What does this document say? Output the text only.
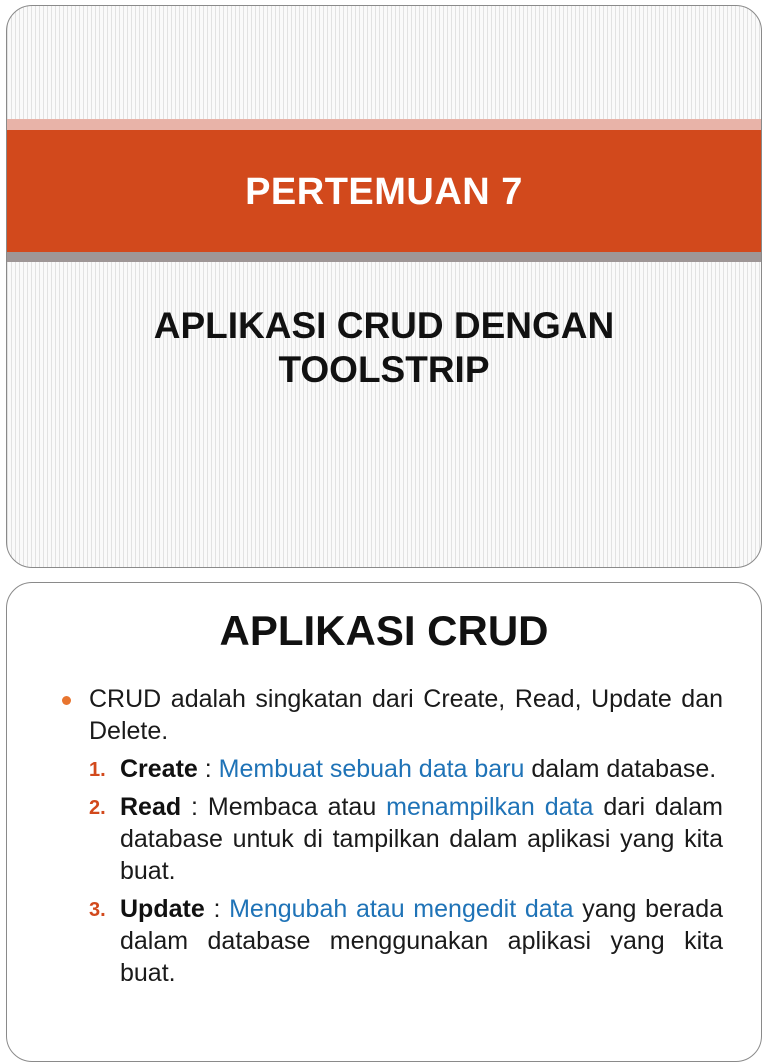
PERTEMUAN 7
APLIKASI CRUD DENGAN
TOOLSTRIP
APLIKASI CRUD

CRUD adalah singkatan dari Create, Read, Update dan Delete.

1. Create : Membuat sebuah data baru dalam database.
2. Read : Membaca atau menampilkan data dari dalam database untuk di tampilkan dalam aplikasi yang kita buat.
3. Update : Mengubah atau mengedit data yang berada dalam database menggunakan aplikasi yang kita buat.
